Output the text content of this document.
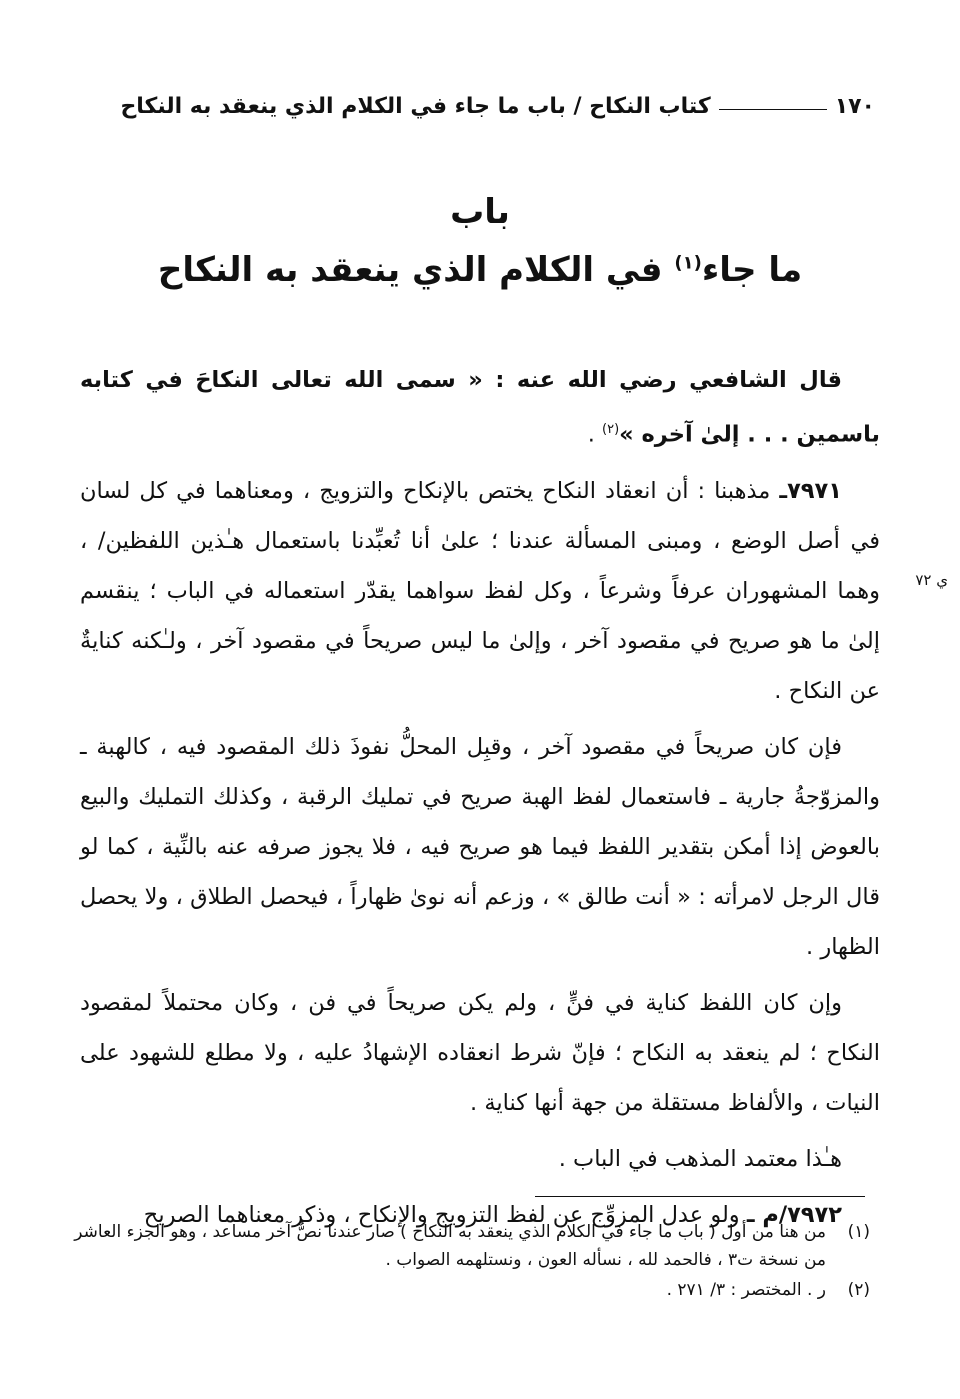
١٧٠
كتاب النكاح / باب ما جاء في الكلام الذي ينعقد به النكاح
باب
ما جاء$^{(١)}$ في الكلام الذي ينعقد به النكاح

قال الشافعي رضي الله عنه : « سمى الله تعالى النكاحَ في كتابه باسمين . . . إلىٰ آخره »$^{(٢)}$ .

٧٩٧١ـ مذهبنا : أن انعقاد النكاح يختص بالإنكاح والتزويج ، ومعناهما في كل لسان في أصل الوضع ، ومبنى المسألة عندنا ؛ علىٰ أنا تُعبِّدنا باستعمال هـٰذين اللفظين/ ، وهما المشهوران عرفاً وشرعاً ، وكل لفظ سواهما يقدّر استعماله في الباب ؛ ينقسم إلىٰ ما هو صريح في مقصود آخر ، وإلىٰ ما ليس صريحاً في مقصود آخر ، ولـٰكنه كنايةٌ عن النكاح .

فإن كان صريحاً في مقصود آخر ، وقبِل المحلُّ نفوذَ ذلك المقصود فيه ، كالهبة ـ والمزوّجةُ جارية ـ فاستعمال لفظ الهبة صريح في تمليك الرقبة ، وكذلك التمليك والبيع بالعوض إذا أمكن بتقدير اللفظ فيما هو صريح فيه ، فلا يجوز صرفه عنه بالنِّية ، كما لو قال الرجل لامرأته : « أنت طالق » ، وزعم أنه نوىٰ ظهاراً ، فيحصل الطلاق ، ولا يحصل الظهار .

وإن كان اللفظ كناية في فنٍّ ، ولم يكن صريحاً في فن ، وكان محتملاً لمقصود النكاح ؛ لم ينعقد به النكاح ؛ فإنّ شرط انعقاده الإشهادُ عليه ، ولا مطلع للشهود على النيات ، والألفاظ مستقلة من جهة أنها كناية .

هـٰذا معتمد المذهب في الباب .

٧٩٧٢/م ـ ولو عدل المزوِّج عن لفظ التزويج والإنكاح ، وذكر معناهما الصريح

ي ٧٢
(١)
من هنا من أول ( باب ما جاء في الكلام الذي ينعقد به النكاح ) صار عندنا نصٌّ آخر مساعد ، وهو الجزء العاشر من نسخة ت٣ ، فالحمد لله ، نسأله العون ، ونستلهمه الصواب .
(٢)
ر . المختصر : ٣/ ٢٧١ .
